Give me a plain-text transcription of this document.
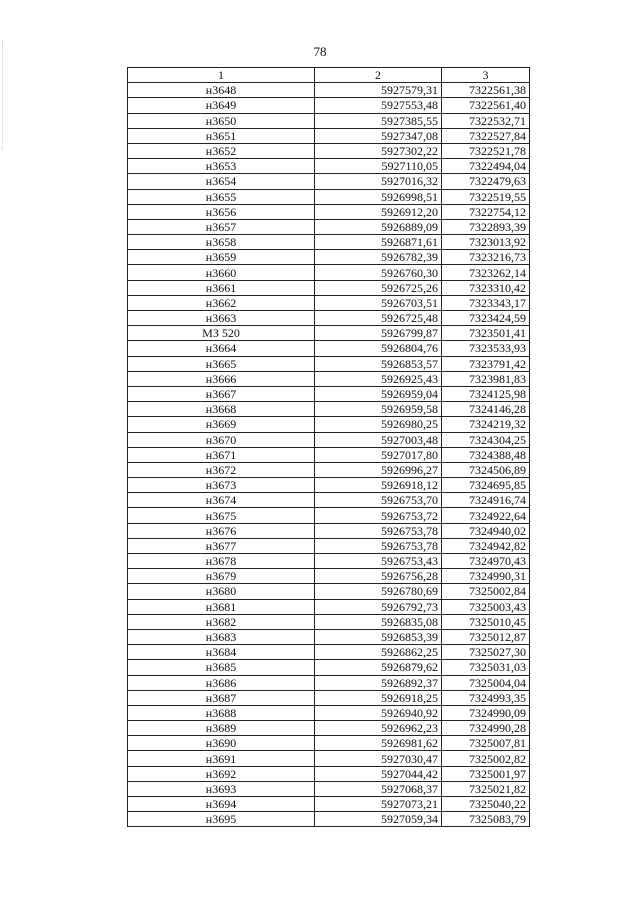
78
1	2	3
н3648	5927579,31	7322561,38
н3649	5927553,48	7322561,40
н3650	5927385,55	7322532,71
н3651	5927347,08	7322527,84
н3652	5927302,22	7322521,78
н3653	5927110,05	7322494,04
н3654	5927016,32	7322479,63
н3655	5926998,51	7322519,55
н3656	5926912,20	7322754,12
н3657	5926889,09	7322893,39
н3658	5926871,61	7323013,92
н3659	5926782,39	7323216,73
н3660	5926760,30	7323262,14
н3661	5926725,26	7323310,42
н3662	5926703,51	7323343,17
н3663	5926725,48	7323424,59
МЗ 520	5926799,87	7323501,41
н3664	5926804,76	7323533,93
н3665	5926853,57	7323791,42
н3666	5926925,43	7323981,83
н3667	5926959,04	7324125,98
н3668	5926959,58	7324146,28
н3669	5926980,25	7324219,32
н3670	5927003,48	7324304,25
н3671	5927017,80	7324388,48
н3672	5926996,27	7324506,89
н3673	5926918,12	7324695,85
н3674	5926753,70	7324916,74
н3675	5926753,72	7324922,64
н3676	5926753,78	7324940,02
н3677	5926753,78	7324942,82
н3678	5926753,43	7324970,43
н3679	5926756,28	7324990,31
н3680	5926780,69	7325002,84
н3681	5926792,73	7325003,43
н3682	5926835,08	7325010,45
н3683	5926853,39	7325012,87
н3684	5926862,25	7325027,30
н3685	5926879,62	7325031,03
н3686	5926892,37	7325004,04
н3687	5926918,25	7324993,35
н3688	5926940,92	7324990,09
н3689	5926962,23	7324990,28
н3690	5926981,62	7325007,81
н3691	5927030,47	7325002,82
н3692	5927044,42	7325001,97
н3693	5927068,37	7325021,82
н3694	5927073,21	7325040,22
н3695	5927059,34	7325083,79
